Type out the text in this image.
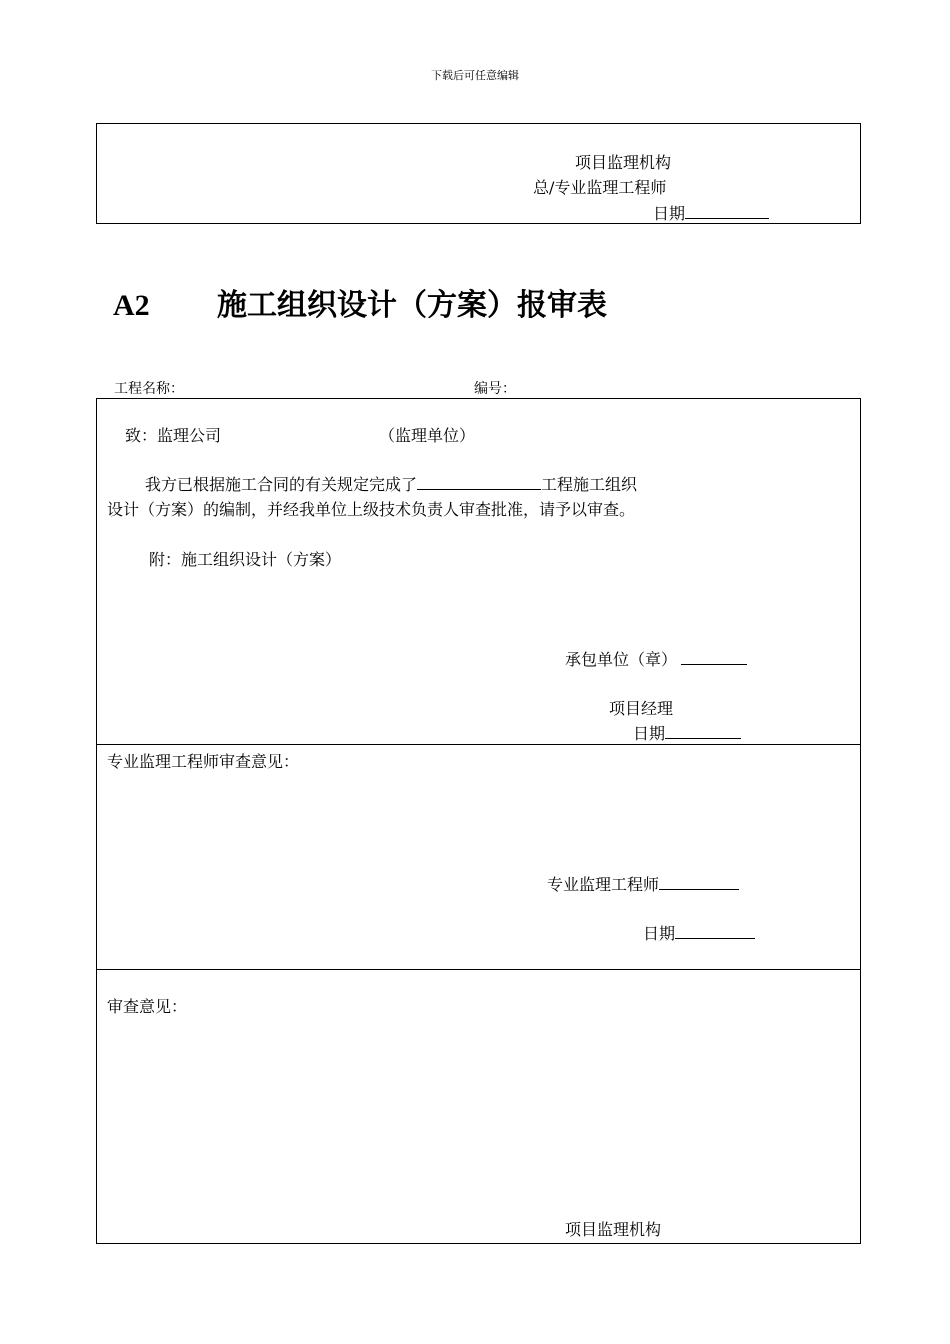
下载后可任意编辑
项目监理机构
总/专业监理工程师
日期
A2 施工组织设计（方案）报审表
工程名称：	编号：
致：监理公司	（监理单位）
我方已根据施工合同的有关规定完成了	工程施工组织
设计（方案）的编制，并经我单位上级技术负责人审查批准，请予以审查。
附：施工组织设计（方案）
承包单位（章）
项目经理
日期
专业监理工程师审查意见：
专业监理工程师
日期
审查意见：
项目监理机构
